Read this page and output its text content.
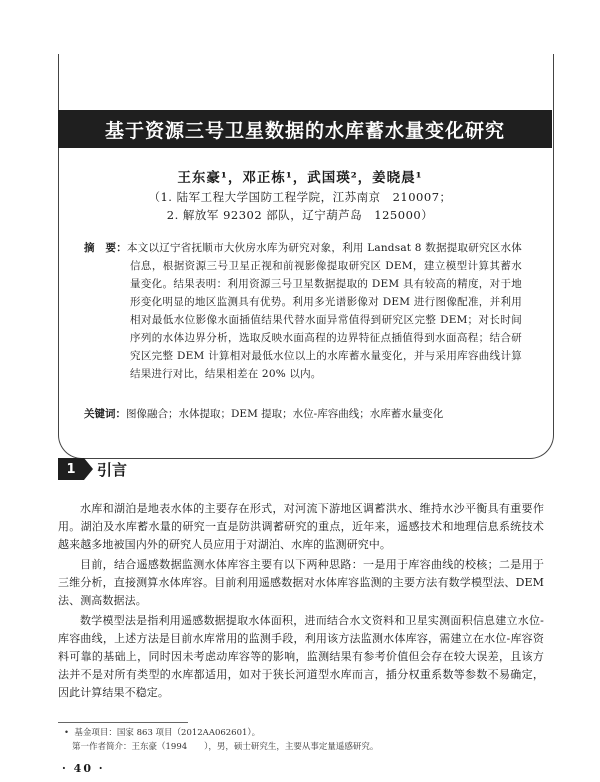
基于资源三号卫星数据的水库蓄水量变化研究
王东豪¹，邓正栋¹，武国瑛²，姜晓晨¹
（1. 陆军工程大学国防工程学院，江苏南京　210007；
2. 解放军 92302 部队，辽宁葫芦岛　125000）
摘　要：本文以辽宁省抚顺市大伙房水库为研究对象，利用 Landsat 8 数据提取研究区水体信息，根据资源三号卫星正视和前视影像提取研究区 DEM，建立模型计算其蓄水量变化。结果表明：利用资源三号卫星数据提取的 DEM 具有较高的精度，对于地形变化明显的地区监测具有优势。利用多光谱影像对 DEM 进行图像配准，并利用相对最低水位影像水面插值结果代替水面异常值得到研究区完整 DEM；对长时间序列的水体边界分析，选取反映水面高程的边界特征点插值得到水面高程；结合研究区完整 DEM 计算相对最低水位以上的水库蓄水量变化，并与采用库容曲线计算结果进行对比，结果相差在 20% 以内。
关键词：图像融合；水体提取；DEM 提取；水位-库容曲线；水库蓄水量变化
1	引言
水库和湖泊是地表水体的主要存在形式，对河流下游地区调蓄洪水、维持水沙平衡具有重要作用。湖泊及水库蓄水量的研究一直是防洪调蓄研究的重点，近年来，遥感技术和地理信息系统技术越来越多地被国内外的研究人员应用于对湖泊、水库的监测研究中。
目前，结合遥感数据监测水体库容主要有以下两种思路：一是用于库容曲线的校核；二是用于三维分析，直接测算水体库容。目前利用遥感数据对水体库容监测的主要方法有数学模型法、DEM 法、测高数据法。
数学模型法是指利用遥感数据提取水体面积，进而结合水文资料和卫星实测面积信息建立水位-库容曲线，上述方法是目前水库常用的监测手段，利用该方法监测水体库容，需建立在水位-库容资料可靠的基础上，同时因未考虑动库容等的影响，监测结果有参考价值但会存在较大误差，且该方法并不是对所有类型的水库都适用，如对于狭长河道型水库而言，插分权重系数等参数不易确定，因此计算结果不稳定。
• 基金项目：国家 863 项目（2012AA062601）。
第一作者简介：王东豪（1994　　），男，硕士研究生，主要从事定量遥感研究。
· 40 ·
